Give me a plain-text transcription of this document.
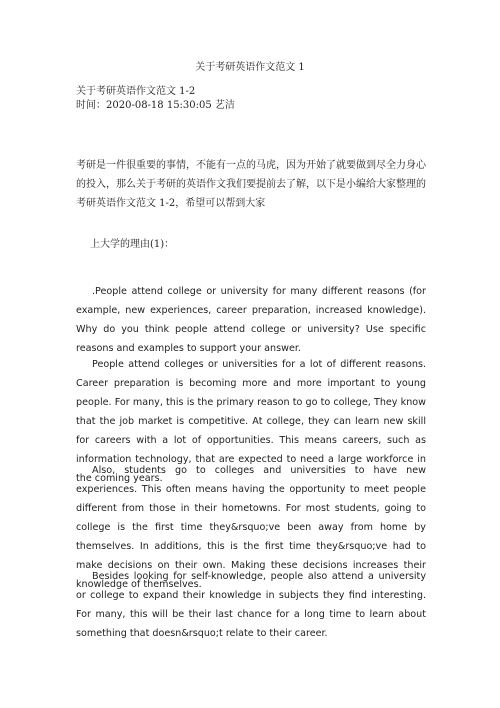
关于考研英语作文范文 1
关于考研英语作文范文 1-2
时间：2020-08-18 15:30:05 艺洁
考研是一件很重要的事情，不能有一点的马虎，因为开始了就要做到尽全力身心的投入，那么关于考研的英语作文我们要提前去了解，以下是小编给大家整理的考研英语作文范文 1-2，希望可以帮到大家
上大学的理由(1)：
.People attend college or university for many different reasons (for example, new experiences, career preparation, increased knowledge). Why do you think people attend college or university? Use specific reasons and examples to support your answer.
People attend colleges or universities for a lot of different reasons. Career preparation is becoming more and more important to young people. For many, this is the primary reason to go to college, They know that the job market is competitive. At college, they can learn new skill for careers with a lot of opportunities. This means careers, such as information technology, that are expected to need a large workforce in the coming years.
Also, students go to colleges and universities to have new experiences. This often means having the opportunity to meet people different from those in their hometowns. For most students, going to college is the first time they&rsquo;ve been away from home by themselves. In additions, this is the first time they&rsquo;ve had to make decisions on their own. Making these decisions increases their knowledge of themselves.
Besides looking for self-knowledge, people also attend a university or college to expand their knowledge in subjects they find interesting. For many, this will be their last chance for a long time to learn about something that doesn&rsquo;t relate to their career.
